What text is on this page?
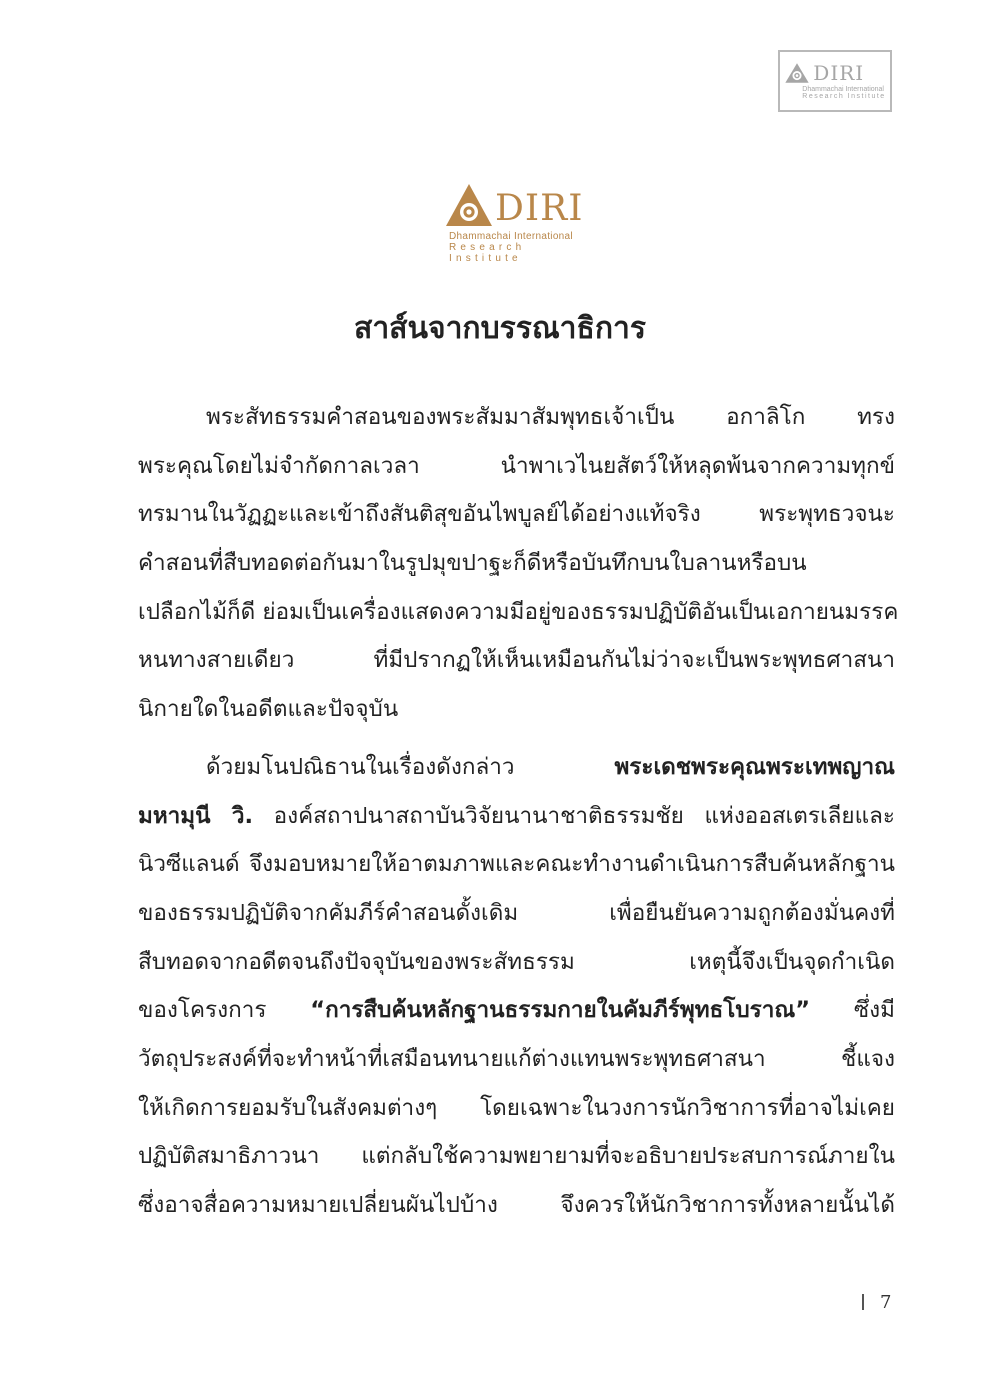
DIRI
Dhammachai International
Research Institute
DIRI
Dhammachai International
Research Institute
สาส์นจากบรรณาธิการ
พระสัทธรรมคำสอนของพระสัมมาสัมพุทธเจ้าเป็น อกาลิโก ทรง
พระคุณโดยไม่จำกัดกาลเวลา นำพาเวไนยสัตว์ให้หลุดพ้นจากความทุกข์
ทรมานในวัฏฏะและเข้าถึงสันติสุขอันไพบูลย์ได้อย่างแท้จริง พระพุทธวจนะ
คำสอนที่สืบทอดต่อกันมาในรูปมุขปาฐะก็ดีหรือบันทึกบนใบลานหรือบน
เปลือกไม้ก็ดี ย่อมเป็นเครื่องแสดงความมีอยู่ของธรรมปฏิบัติอันเป็นเอกายนมรรค
หนทางสายเดียว ที่มีปรากฏให้เห็นเหมือนกันไม่ว่าจะเป็นพระพุทธศาสนา
นิกายใดในอดีตและปัจจุบัน
ด้วยมโนปณิธานในเรื่องดังกล่าว พระเดชพระคุณพระเทพญาณ
มหามุนี วิ. องค์สถาปนาสถาบันวิจัยนานาชาติธรรมชัย แห่งออสเตรเลียและ
นิวซีแลนด์ จึงมอบหมายให้อาตมภาพและคณะทำงานดำเนินการสืบค้นหลักฐาน
ของธรรมปฏิบัติจากคัมภีร์คำสอนดั้งเดิม เพื่อยืนยันความถูกต้องมั่นคงที่
สืบทอดจากอดีตจนถึงปัจจุบันของพระสัทธรรม เหตุนี้จึงเป็นจุดกำเนิด
ของโครงการ “การสืบค้นหลักฐานธรรมกายในคัมภีร์พุทธโบราณ” ซึ่งมี
วัตถุประสงค์ที่จะทำหน้าที่เสมือนทนายแก้ต่างแทนพระพุทธศาสนา ชี้แจง
ให้เกิดการยอมรับในสังคมต่างๆ โดยเฉพาะในวงการนักวิชาการที่อาจไม่เคย
ปฏิบัติสมาธิภาวนา แต่กลับใช้ความพยายามที่จะอธิบายประสบการณ์ภายใน
ซึ่งอาจสื่อความหมายเปลี่ยนผันไปบ้าง จึงควรให้นักวิชาการทั้งหลายนั้นได้
7
